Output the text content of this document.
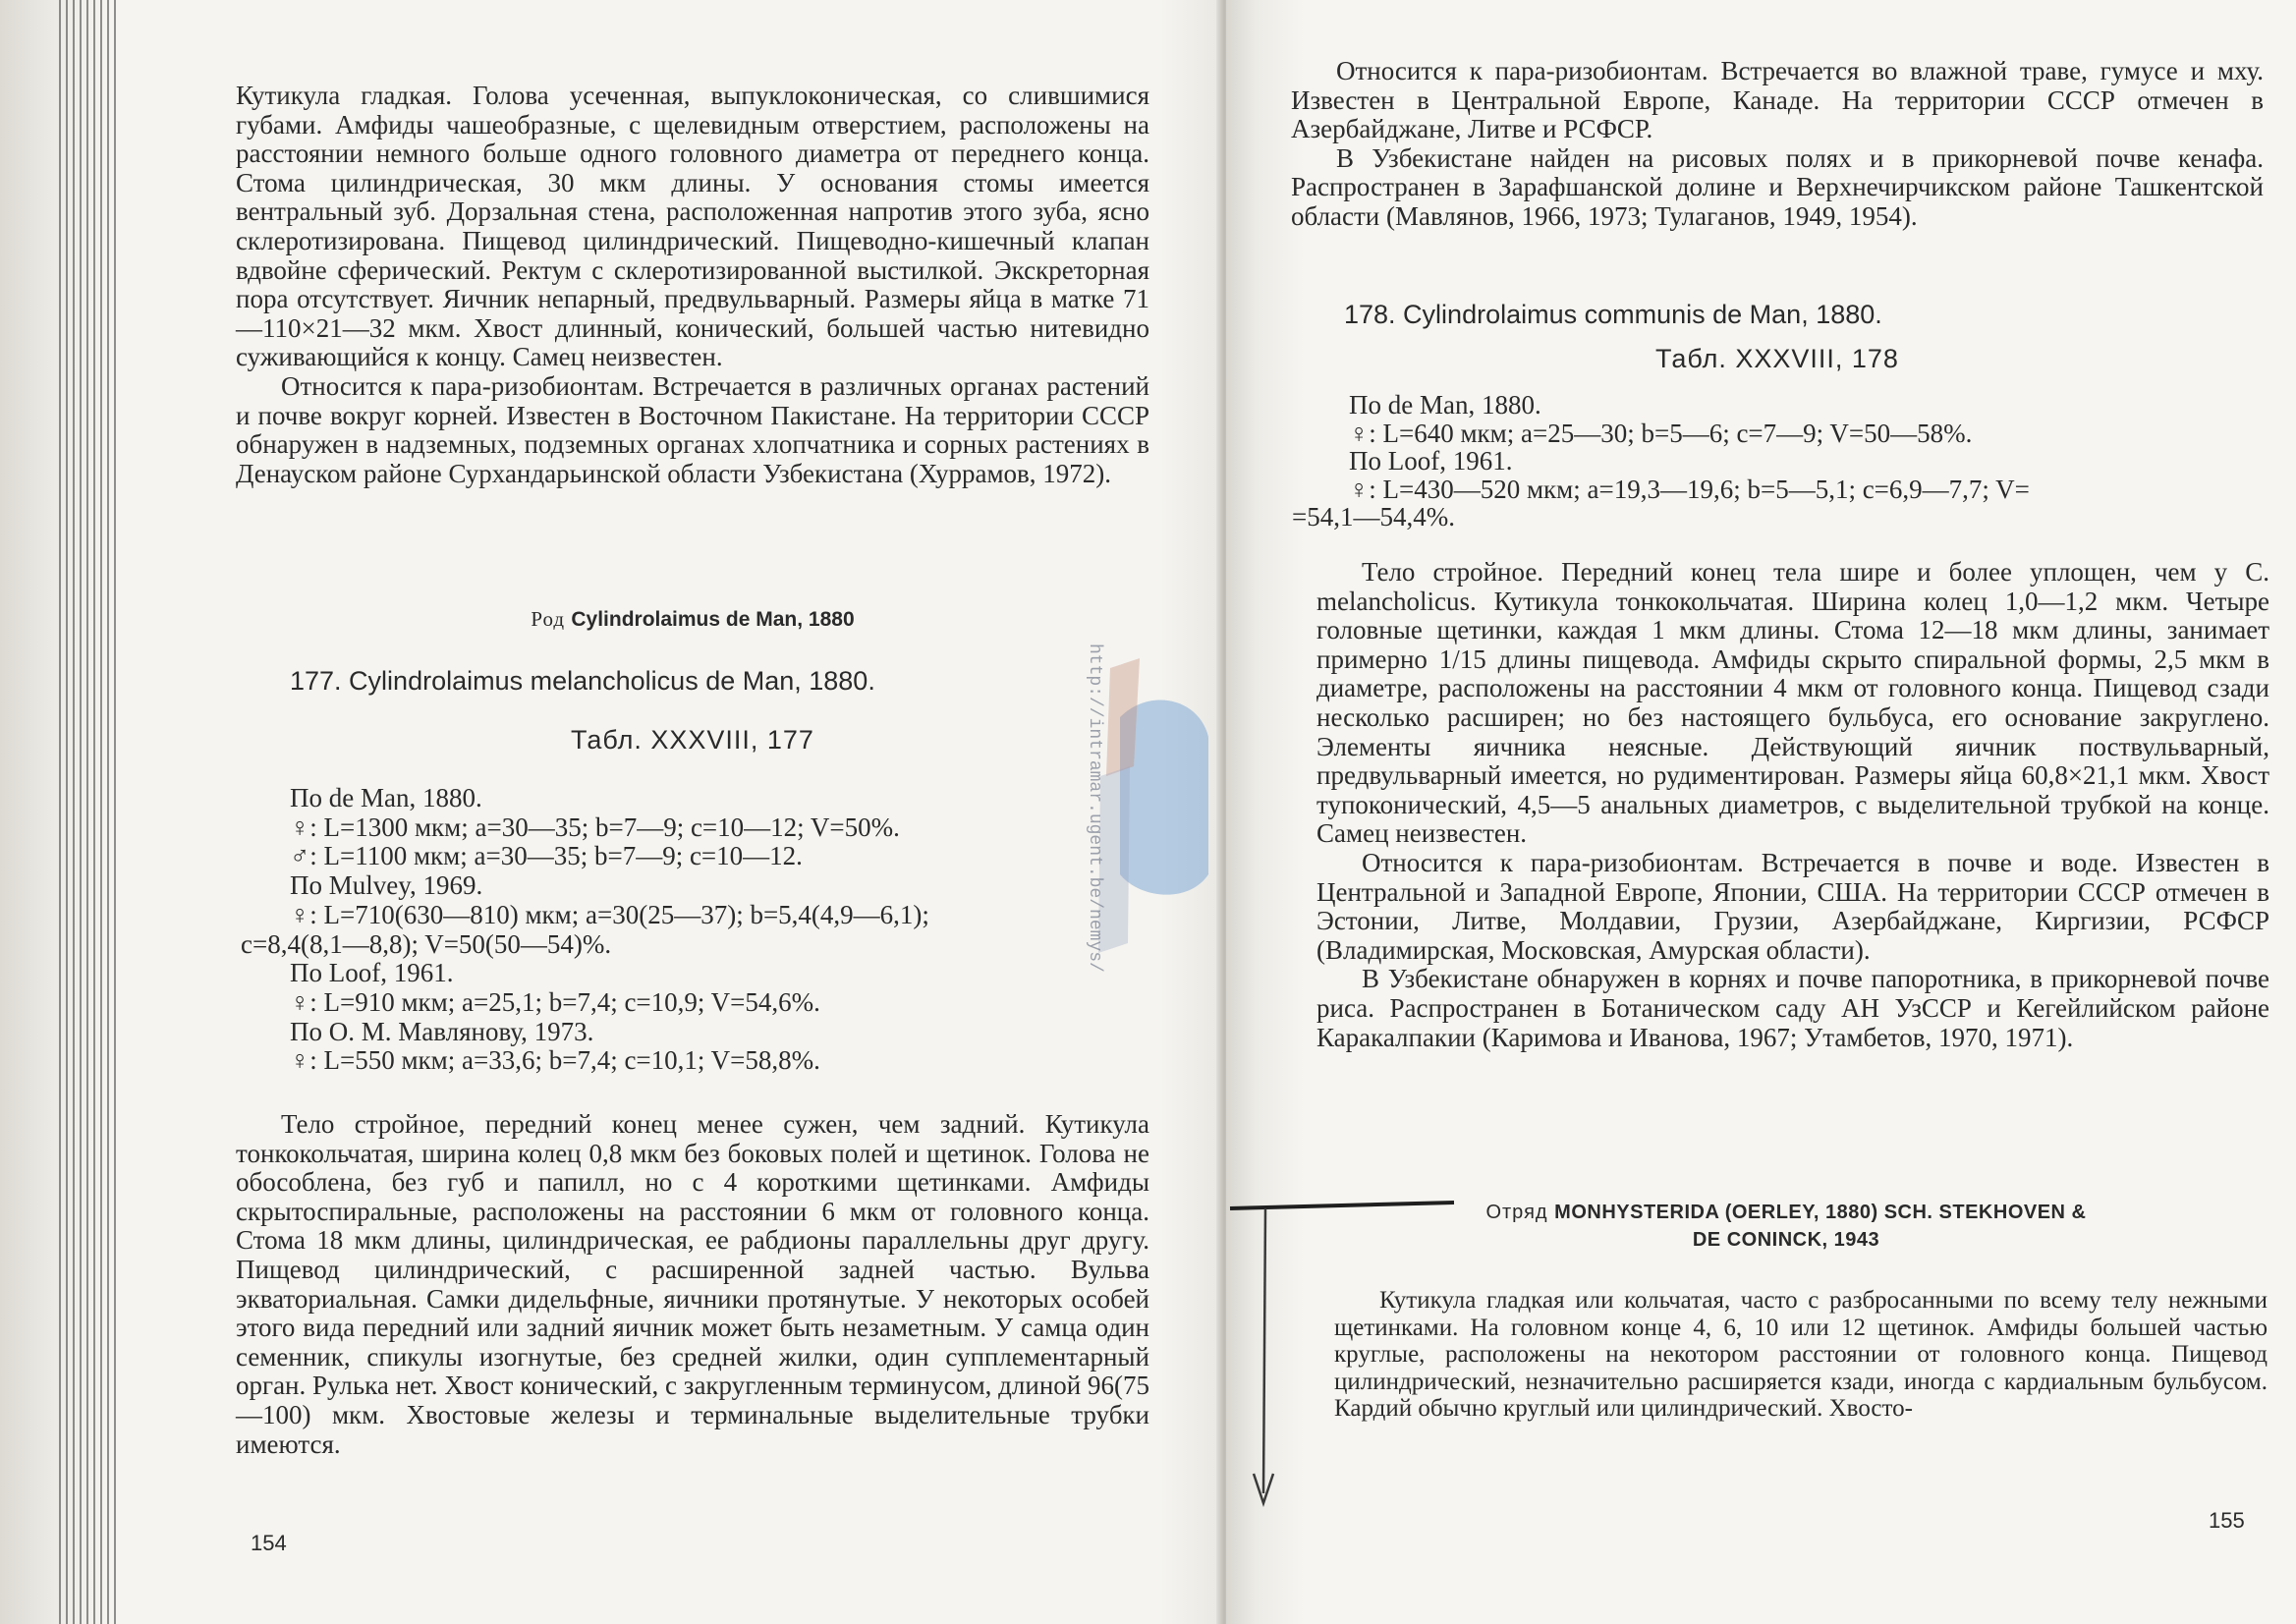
Кутикула гладкая. Голова усеченная, выпуклоконическая, со слившимися губами. Амфиды чашеобразные, с щелевидным отверстием, расположены на расстоянии немного больше одного головного диаметра от переднего конца. Стома цилиндрическая, 30 мкм длины. У основания стомы имеется вентральный зуб. Дорзальная стена, расположенная напротив этого зуба, ясно склеротизирована. Пищевод цилиндрический. Пищеводно-кишечный клапан вдвойне сферический. Ректум с склеротизированной выстилкой. Экскреторная пора отсутствует. Яичник непарный, предвульварный. Размеры яйца в матке 71—110×21—32 мкм. Хвост длинный, конический, большей частью нитевидно суживающийся к концу. Самец неизвестен.

Относится к пара-ризобионтам. Встречается в различных органах растений и почве вокруг корней. Известен в Восточном Пакистане. На территории СССР обнаружен в надземных, подземных органах хлопчатника и сорных растениях в Денауском районе Сурхандарьинской области Узбекистана (Хуррамов, 1972).

Род Cylindrolaimus de Man, 1880
177. Cylindrolaimus melancholicus de Man, 1880.
Табл. XXXVIII, 177

По de Man, 1880.

♀: L=1300 мкм; a=30—35; b=7—9; c=10—12; V=50%.

♂: L=1100 мкм; a=30—35; b=7—9; c=10—12.

По Mulvey, 1969.

♀: L=710(630—810) мкм; a=30(25—37); b=5,4(4,9—6,1);

c=8,4(8,1—8,8); V=50(50—54)%.

По Loof, 1961.

♀: L=910 мкм; a=25,1; b=7,4; c=10,9; V=54,6%.

По О. М. Мавлянову, 1973.

♀: L=550 мкм; a=33,6; b=7,4; c=10,1; V=58,8%.

Тело стройное, передний конец менее сужен, чем задний. Кутикула тонкокольчатая, ширина колец 0,8 мкм без боковых полей и щетинок. Голова не обособлена, без губ и папилл, но с 4 короткими щетинками. Амфиды скрытоспиральные, расположены на расстоянии 6 мкм от головного конца. Стома 18 мкм длины, цилиндрическая, ее рабдионы параллельны друг другу. Пищевод цилиндрический, с расширенной задней частью. Вульва экваториальная. Самки дидельфные, яичники протянутые. У некоторых особей этого вида передний или задний яичник может быть незаметным. У самца один семенник, спикулы изогнутые, без средней жилки, один супплементарный орган. Рулька нет. Хвост конический, с закругленным терминусом, длиной 96(75—100) мкм. Хвостовые железы и терминальные выделительные трубки имеются.
154

Относится к пара-ризобионтам. Встречается во влажной траве, гумусе и мху. Известен в Центральной Европе, Канаде. На территории СССР отмечен в Азербайджане, Литве и РСФСР.

В Узбекистане найден на рисовых полях и в прикорневой почве кенафа. Распространен в Зарафшанской долине и Верхнечирчикском районе Ташкентской области (Мавлянов, 1966, 1973; Тулаганов, 1949, 1954).

178. Cylindrolaimus communis de Man, 1880.
Табл. XXXVIII, 178

По de Man, 1880.

♀: L=640 мкм; a=25—30; b=5—6; c=7—9; V=50—58%.

По Loof, 1961.

♀: L=430—520 мкм; a=19,3—19,6; b=5—5,1; c=6,9—7,7; V=

=54,1—54,4%.

Тело стройное. Передний конец тела шире и более уплощен, чем у C. melancholicus. Кутикула тонкокольчатая. Ширина колец 1,0—1,2 мкм. Четыре головные щетинки, каждая 1 мкм длины. Стома 12—18 мкм длины, занимает примерно 1/15 длины пищевода. Амфиды скрыто спиральной формы, 2,5 мкм в диаметре, расположены на расстоянии 4 мкм от головного конца. Пищевод сзади несколько расширен; но без настоящего бульбуса, его основание закруглено. Элементы яичника неясные. Действующий яичник поствульварный, предвульварный имеется, но рудиментирован. Размеры яйца 60,8×21,1 мкм. Хвост тупоконический, 4,5—5 анальных диаметров, с выделительной трубкой на конце. Самец неизвестен.

Относится к пара-ризобионтам. Встречается в почве и воде. Известен в Центральной и Западной Европе, Японии, США. На территории СССР отмечен в Эстонии, Литве, Молдавии, Грузии, Азербайджане, Киргизии, РСФСР (Владимирская, Московская, Амурская области).

В Узбекистане обнаружен в корнях и почве папоротника, в прикорневой почве риса. Распространен в Ботаническом саду АН УзССР и Кегейлийском районе Каракалпакии (Каримова и Иванова, 1967; Утамбетов, 1970, 1971).

Отряд MONHYSTERIDA (OERLEY, 1880) SCH. STEKHOVEN &
DE CONINCK, 1943
Кутикула гладкая или кольчатая, часто с разбросанными по всему телу нежными щетинками. На головном конце 4, 6, 10 или 12 щетинок. Амфиды большей частью круглые, расположены на некотором расстоянии от головного конца. Пищевод цилиндрический, незначительно расширяется кзади, иногда с кардиальным бульбусом. Кардий обычно круглый или цилиндрический. Хвосто-
155
http://intramar.ugent.be/nemys/
